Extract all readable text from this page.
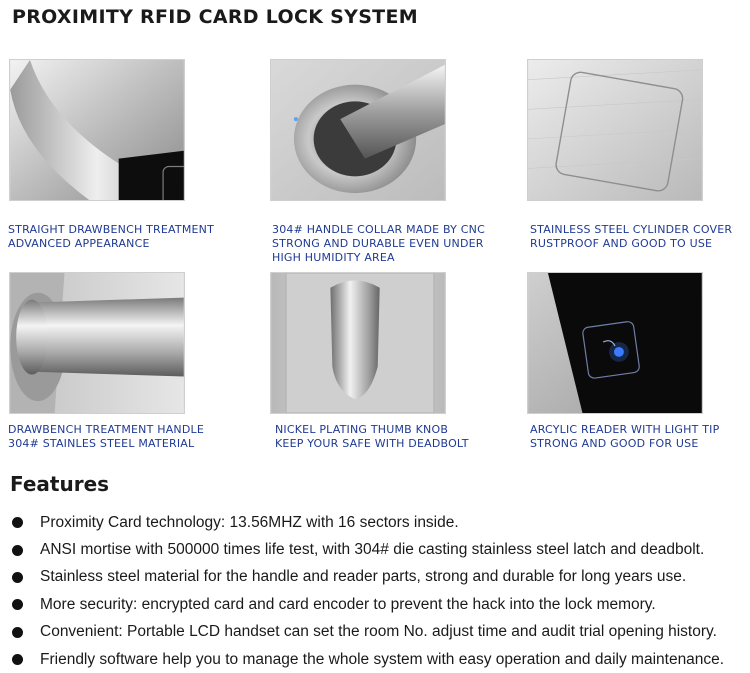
PROXIMITY RFID CARD LOCK SYSTEM
STRAIGHT DRAWBENCH TREATMENT
ADVANCED APPEARANCE
304# HANDLE COLLAR MADE BY CNC
STRONG AND DURABLE EVEN UNDER
HIGH HUMIDITY AREA
STAINLESS STEEL CYLINDER COVER
RUSTPROOF AND GOOD TO USE
DRAWBENCH TREATMENT HANDLE
304# STAINLES STEEL MATERIAL
NICKEL PLATING THUMB KNOB
KEEP YOUR SAFE WITH DEADBOLT
ARCYLIC READER WITH LIGHT TIP
STRONG AND GOOD FOR USE
Features
Proximity Card technology: 13.56MHZ with 16 sectors inside.
ANSI mortise with 500000 times life test, with 304# die casting stainless steel latch and deadbolt.
Stainless steel material for the handle and reader parts, strong and durable for long years use.
More security: encrypted card and card encoder to prevent the hack into the lock memory.
Convenient: Portable LCD handset can set the room No. adjust time and audit trial opening history.
Friendly software help you to manage the whole system with easy operation and daily maintenance.
